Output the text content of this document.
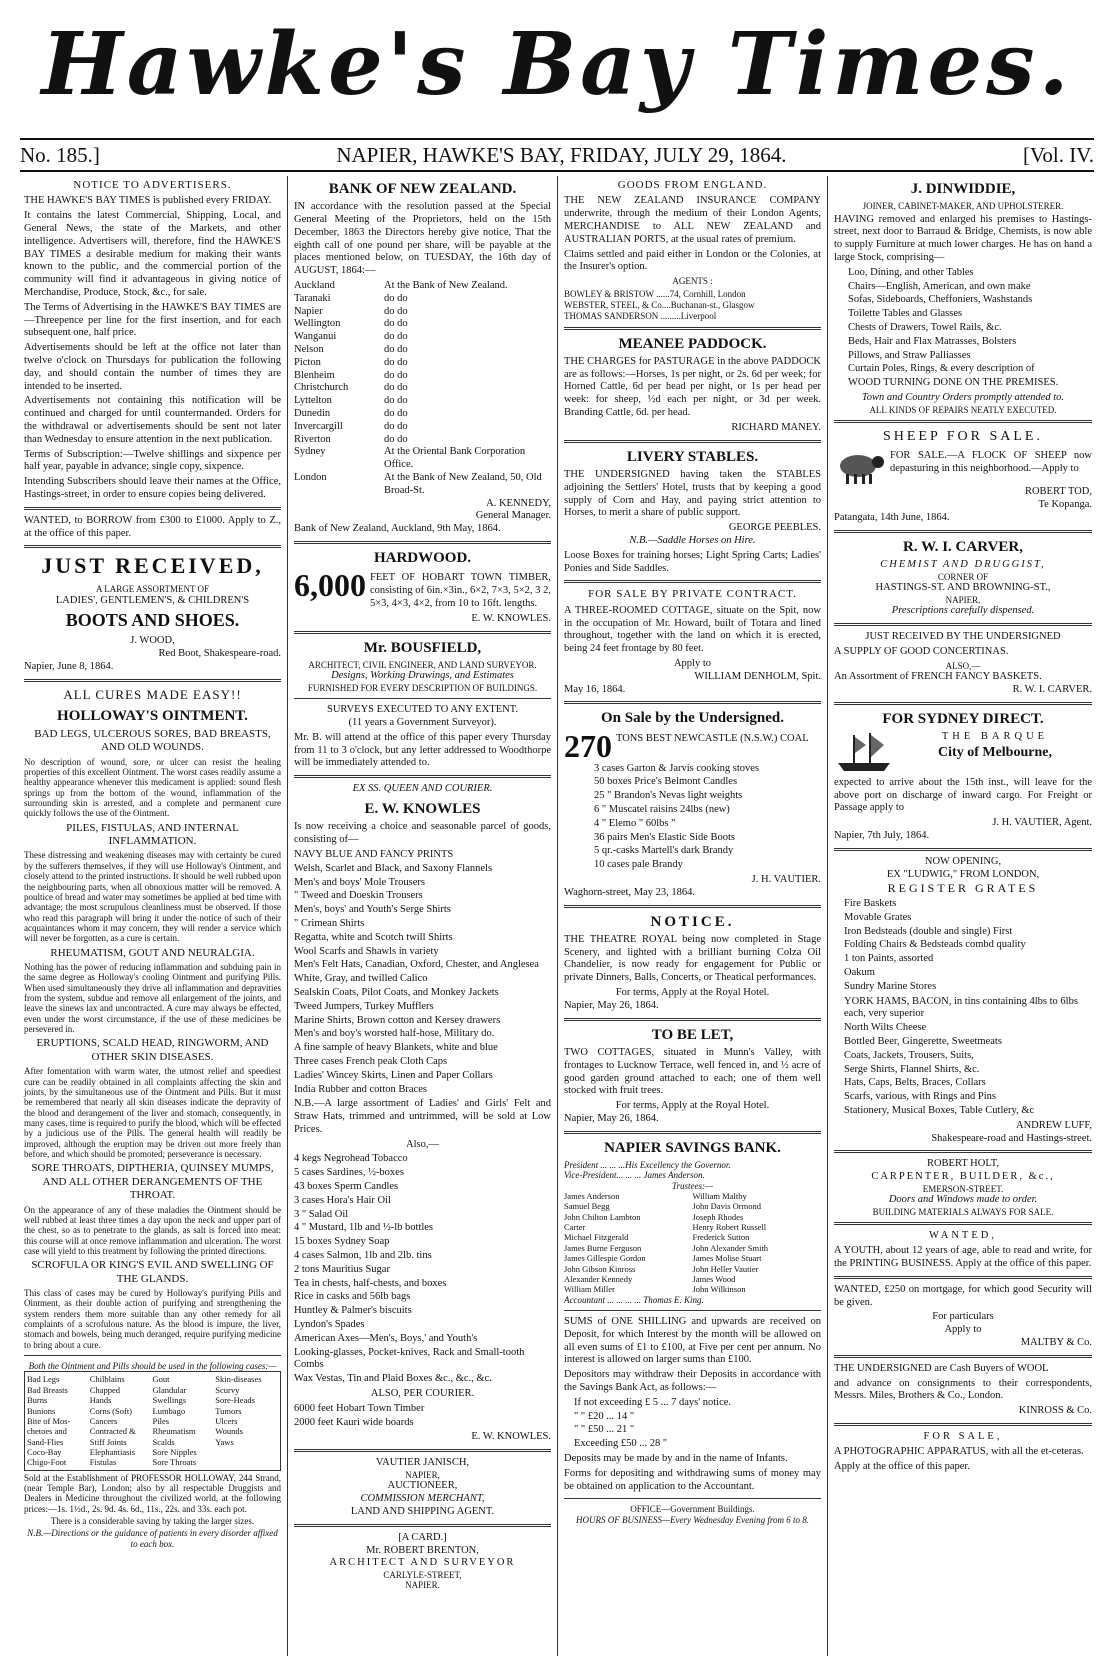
Hawke's Bay Times.
No. 185.]	NAPIER, HAWKE'S BAY, FRIDAY, JULY 29, 1864.	[Vol. IV.
NOTICE TO ADVERTISERS.

THE HAWKE'S BAY TIMES is published every FRIDAY.

It contains the latest Commercial, Shipping, Local, and General News, the state of the Markets, and other intelligence. Advertisers will, therefore, find the HAWKE'S BAY TIMES a desirable medium for making their wants known to the public, and the commercial portion of the community will find it advantageous in giving notice of Merchandise, Produce, Stock, &c., for sale.

The Terms of Advertising in the HAWKE'S BAY TIMES are—Threepence per line for the first insertion, and for each subsequent one, half price.

Advertisements should be left at the office not later than twelve o'clock on Thursdays for publication the following day, and should contain the number of times they are intended to be inserted.

Advertisements not containing this notification will be continued and charged for until countermanded. Orders for the withdrawal or advertisements should be sent not later than Wednesday to ensure attention in the next publication.

Terms of Subscription:—Twelve shillings and sixpence per half year, payable in advance; single copy, sixpence.

Intending Subscribers should leave their names at the Office, Hastings-street, in order to ensure copies being delivered.

WANTED, to BORROW from £300 to £1000. Apply to Z., at the office of this paper.

JUST RECEIVED,
A LARGE ASSORTMENT OF
LADIES', GENTLEMEN'S, & CHILDREN'S
BOOTS AND SHOES.
J. WOOD,
Red Boot, Shakespeare-road.
Napier, June 8, 1864.
ALL CURES MADE EASY!!
HOLLOWAY'S OINTMENT.
BAD LEGS, ULCEROUS SORES, BAD BREASTS, AND OLD WOUNDS.

No description of wound, sore, or ulcer can resist the healing properties of this excellent Ointment. The worst cases readily assume a healthy appearance whenever this medicament is applied: sound flesh springs up from the bottom of the wound, inflammation of the surrounding skin is arrested, and a complete and permanent cure quickly follows the use of the Ointment.

PILES, FISTULAS, AND INTERNAL INFLAMMATION.

These distressing and weakening diseases may with certainty be cured by the sufferers themselves, if they will use Holloway's Ointment, and closely attend to the printed instructions. It should be well rubbed upon the neighbouring parts, when all obnoxious matter will be removed. A poultice of bread and water may sometimes be applied at bed time with advantage; the most scrupulous cleanliness must be observed. If those who read this paragraph will bring it under the notice of such of their acquaintances whom it may concern, they will render a service which will never be forgotten, as a cure is certain.

RHEUMATISM, GOUT AND NEURALGIA.

Nothing has the power of reducing inflammation and subduing pain in the same degree as Holloway's cooling Ointment and purifying Pills. When used simultaneously they drive all inflammation and depravities from the system, subdue and remove all enlargement of the joints, and leave the sinews lax and uncontracted. A cure may always be effected, even under the worst circumstance, if the use of these medicines be persevered in.

ERUPTIONS, SCALD HEAD, RINGWORM, AND OTHER SKIN DISEASES.

After fomentation with warm water, the utmost relief and speediest cure can be readily obtained in all complaints affecting the skin and joints, by the simultaneous use of the Ointment and Pills. But it must be remembered that nearly all skin diseases indicate the depravity of the blood and derangement of the liver and stomach, consequently, in many cases, time is required to purify the blood, which will be effected by a judicious use of the Pills. The general health will readily be improved, although the eruption may be driven out more freely than before, and which should be promoted; perseverance is necessary.

SORE THROATS, DIPTHERIA, QUINSEY MUMPS, AND ALL OTHER DERANGEMENTS OF THE THROAT.

On the appearance of any of these maladies the Ointment should be well rubbed at least three times a day upon the neck and upper part of the chest, so as to penetrate to the glands, as salt is forced into meat: this course will at once remove inflammation and ulceration. The worst case will yield to this treatment by following the printed directions.

SCROFULA OR KING'S EVIL AND SWELLING OF THE GLANDS.

This class of cases may be cured by Holloway's purifying Pills and Ointment, as their double action of purifying and strengthening the system renders them more suitable than any other remedy for all complaints of a scrofulous nature. As the blood is impure, the liver, stomach and bowels, being much deranged, require purifying medicine to bring about a cure.

Both the Ointment and Pills should be used in the following cases:—
Bad Legs	Chilblains	Gout	Skin-diseases
Bad Breasts	Chapped	Glandular	Scurvy
Burns	Hands	Swellings	Sore-Heads
Bunions	Corns (Soft)	Lumbago	Tumors
Bite of Mos-	Cancers	Piles	Ulcers
chetoes and	Contracted &	Rheumatism	Wounds
Sand-Flies	Stiff Joints	Scalds	Yaws
Coco-Bay	Elephantiasis	Sore Nipples
Chigo-Foot	Fistulas	Sore Throats

Sold at the Establishment of PROFESSOR HOLLOWAY, 244 Strand, (near Temple Bar), London; also by all respectable Druggists and Dealers in Medicine throughout the civilized world, at the following prices:—1s. 1½d., 2s. 9d. 4s. 6d., 11s., 22s. and 33s. each pot.

There is a considerable saving by taking the larger sizes.

N.B.—Directions or the guidance of patients in every disorder affixed to each box.

BANK OF NEW ZEALAND.

IN accordance with the resolution passed at the Special General Meeting of the Proprietors, held on the 15th December, 1863 the Directors hereby give notice, That the eighth call of one pound per share, will be payable at the places mentioned below, on TUESDAY, the 16th day of AUGUST, 1864:—

Auckland	At the Bank of New Zealand.
Taranaki	do do
Napier	do do
Wellington	do do
Wanganui	do do
Nelson	do do
Picton	do do
Blenheim	do do
Christchurch	do do
Lyttelton	do do
Dunedin	do do
Invercargill	do do
Riverton	do do
Sydney	At the Oriental Bank Corporation Office.
London	At the Bank of New Zealand, 50, Old Broad-St.
A. KENNEDY,
General Manager.
Bank of New Zealand, Auckland, 9th May, 1864.
HARDWOOD.
6,000 FEET OF HOBART TOWN TIMBER, consisting of 6in.×3in., 6×2, 7×3, 5×2, 3 2, 5×3, 4×3, 4×2, from 10 to 16ft. lengths.

E. W. KNOWLES.
Mr. BOUSFIELD,
ARCHITECT, CIVIL ENGINEER, AND LAND SURVEYOR.
Designs, Working Drawings, and Estimates
FURNISHED FOR EVERY DESCRIPTION OF BUILDINGS.
SURVEYS EXECUTED TO ANY EXTENT.
(11 years a Government Surveyor).

Mr. B. will attend at the office of this paper every Thursday from 11 to 3 o'clock, but any letter addressed to Woodthorpe will be immediately attended to.

EX SS. QUEEN AND COURIER.
E. W. KNOWLES

Is now receiving a choice and seasonable parcel of goods, consisting of—

NAVY BLUE AND FANCY PRINTS
Welsh, Scarlet and Black, and Saxony Flannels
Men's and boys' Mole Trousers
" Tweed and Doeskin Trousers
Men's, boys' and Youth's Serge Shirts
" Crimean Shirts
Regatta, white and Scotch twill Shirts
Wool Scarfs and Shawls in variety
Men's Felt Hats, Canadian, Oxford, Chester, and Anglesea
White, Gray, and twilled Calico
Sealskin Coats, Pilot Coats, and Monkey Jackets
Tweed Jumpers, Turkey Mufflers
Marine Shirts, Brown cotton and Kersey drawers
Men's and boy's worsted half-hose, Military do.
A fine sample of heavy Blankets, white and blue
Three cases French peak Cloth Caps
Ladies' Wincey Skirts, Linen and Paper Collars
India Rubber and cotton Braces

N.B.—A large assortment of Ladies' and Girls' Felt and Straw Hats, trimmed and untrimmed, will be sold at Low Prices.

Also,—
4 kegs Negrohead Tobacco
5 cases Sardines, ½-boxes
43 boxes Sperm Candles
3 cases Hora's Hair Oil
3 " Salad Oil
4 " Mustard, 1lb and ½-lb bottles
15 boxes Sydney Soap
4 cases Salmon, 1lb and 2lb. tins
2 tons Mauritius Sugar
Tea in chests, half-chests, and boxes
Rice in casks and 56lb bags
Huntley & Palmer's biscuits
Lyndon's Spades
American Axes—Men's, Boys,' and Youth's
Looking-glasses, Pocket-knives, Rack and Small-tooth Combs
Wax Vestas, Tin and Plaid Boxes &c., &c., &c.
ALSO, PER COURIER.
6000 feet Hobart Town Timber
2000 feet Kauri wide boards
E. W. KNOWLES.
VAUTIER JANISCH,
NAPIER,
AUCTIONEER,
COMMISSION MERCHANT,
LAND AND SHIPPING AGENT.
[A CARD.]
Mr. ROBERT BRENTON,
ARCHITECT AND SURVEYOR
CARLYLE-STREET,
NAPIER.
GOODS FROM ENGLAND.

THE NEW ZEALAND INSURANCE COMPANY underwrite, through the medium of their London Agents, MERCHANDISE to ALL NEW ZEALAND and AUSTRALIAN PORTS, at the usual rates of premium.

Claims settled and paid either in London or the Colonies, at the Insurer's option.

AGENTS :
BOWLEY & BRISTOW ......74, Cornhill, London
WEBSTER, STEEL, & Co....Buchanan-st., Glasgow
THOMAS SANDERSON .........Liverpool
MEANEE PADDOCK.

THE CHARGES for PASTURAGE in the above PADDOCK are as follows:—Horses, 1s per night, or 2s. 6d per week; for Horned Cattle, 6d per head per night, or 1s per head per week: for sheep, ½d each per night, or 3d per week. Branding Cattle, 6d. per head.

RICHARD MANEY.
LIVERY STABLES.

THE UNDERSIGNED having taken the STABLES adjoining the Settlers' Hotel, trusts that by keeping a good supply of Corn and Hay, and paying strict attention to Horses, to merit a share of public support.

GEORGE PEEBLES.
N.B.—Saddle Horses on Hire.

Loose Boxes for training horses; Light Spring Carts; Ladies' Ponies and Side Saddles.

FOR SALE BY PRIVATE CONTRACT.

A THREE-ROOMED COTTAGE, situate on the Spit, now in the occupation of Mr. Howard, built of Totara and lined throughout, together with the land on which it is erected, being 24 feet frontage by 80 feet.

Apply to
WILLIAM DENHOLM, Spit.
May 16, 1864.
On Sale by the Undersigned.
270 TONS BEST NEWCASTLE (N.S.W.) COAL

3 cases Garton & Jarvis cooking stoves
50 boxes Price's Belmont Candles
25 " Brandon's Nevas light weights
6 " Muscatel raisins 24lbs (new)
4 " Elemo " 60lbs "
36 pairs Men's Elastic Side Boots
5 qr.-casks Martell's dark Brandy
10 cases pale Brandy
J. H. VAUTIER.
Waghorn-street, May 23, 1864.
NOTICE.

THE THEATRE ROYAL being now completed in Stage Scenery, and lighted with a brilliant burning Colza Oil Chandelier, is now ready for engagement for Public or private Dinners, Balls, Concerts, or Theatical performances.

For terms, Apply at the Royal Hotel.
Napier, May 26, 1864.
TO BE LET,

TWO COTTAGES, situated in Munn's Valley, with frontages to Lucknow Terrace, well fenced in, and ½ acre of good garden ground attached to each; one of them well stocked with fruit trees.

For terms, Apply at the Royal Hotel.
Napier, May 26, 1864.
NAPIER SAVINGS BANK.
President ... ... ...His Excellency the Governor.
Vice-President... ... ... James Anderson.
Trustees:—
James Anderson	William Maltby
Samuel Begg	John Davis Ormond
John Chilton Lambton	Joseph Rhodes
Carter	Henry Robert Russell
Michael Fitzgerald	Frederick Sutton
James Burne Ferguson	John Alexander Smith
James Gillespie Gordon	James Molise Stuart
John Gibson Kinross	John Heller Vautier
Alexander Kennedy	James Wood
William Miller	John Wilkinson
Accountant ... ... ... ... Thomas E. King.

SUMS of ONE SHILLING and upwards are received on Deposit, for which Interest by the month will be allowed on all even sums of £1 to £100, at Five per cent per annum. No interest is allowed on larger sums than £100.

Depositors may withdraw their Deposits in accordance with the Savings Bank Act, as follows:—

If not exceeding £ 5 ... 7 days' notice.
" " £20 ... 14 "
" " £50 ... 21 "
Exceeding £50 ... 28 "

Deposits may be made by and in the name of Infants.

Forms for depositing and withdrawing sums of money may be obtained on application to the Accountant.

OFFICE—Government Buildings.
HOURS OF BUSINESS—Every Wednesday Evening from 6 to 8.
J. DINWIDDIE,
JOINER, CABINET-MAKER, AND UPHOLSTERER.

HAVING removed and enlarged his premises to Hastings-street, next door to Barraud & Bridge, Chemists, is now able to supply Furniture at much lower charges. He has on hand a large Stock, comprising—

Loo, Dining, and other Tables
Chairs—English, American, and own make
Sofas, Sideboards, Cheffoniers, Washstands
Toilette Tables and Glasses
Chests of Drawers, Towel Rails, &c.
Beds, Hair and Flax Matrasses, Bolsters
Pillows, and Straw Palliasses
Curtain Poles, Rings, & every description of
WOOD TURNING DONE ON THE PREMISES.
Town and Country Orders promptly attended to.
ALL KINDS OF REPAIRS NEATLY EXECUTED.
SHEEP FOR SALE.

FOR SALE.—A FLOCK OF SHEEP now depasturing in this neighborhood.—Apply to

ROBERT TOD,
Te Kopanga.
Patangata, 14th June, 1864.
R. W. I. CARVER,
CHEMIST AND DRUGGIST,
CORNER OF
HASTINGS-ST. AND BROWNING-ST.,
NAPIER.
Prescriptions carefully dispensed.
JUST RECEIVED BY THE UNDERSIGNED

A SUPPLY OF GOOD CONCERTINAS.

ALSO,—
An Assortment of FRENCH FANCY BASKETS.
R. W. I. CARVER.
FOR SYDNEY DIRECT.
THE BARQUE
City of Melbourne,

expected to arrive about the 15th inst., will leave for the above port on discharge of inward cargo. For Freight or Passage apply to

J. H. VAUTIER, Agent.
Napier, 7th July, 1864.
NOW OPENING,
EX "LUDWIG," FROM LONDON,
REGISTER GRATES
Fire Baskets
Movable Grates
Iron Bedsteads (double and single) First
Folding Chairs & Bedsteads combd quality
1 ton Paints, assorted
Oakum
Sundry Marine Stores
YORK HAMS, BACON, in tins containing 4lbs to 6lbs each, very superior
North Wilts Cheese
Bottled Beer, Gingerette, Sweetmeats
Coats, Jackets, Trousers, Suits,
Serge Shirts, Flannel Shirts, &c.
Hats, Caps, Belts, Braces, Collars
Scarfs, various, with Rings and Pins
Stationery, Musical Boxes, Table Cutlery, &c
ANDREW LUFF,
Shakespeare-road and Hastings-street.
ROBERT HOLT,
CARPENTER, BUILDER, &c.,
EMERSON-STREET.
Doors and Windows made to order.
BUILDING MATERIALS ALWAYS FOR SALE.
WANTED,

A YOUTH, about 12 years of age, able to read and write, for the PRINTING BUSINESS. Apply at the office of this paper.

WANTED, £250 on mortgage, for which good Security will be given.

For particulars
Apply to
MALTBY & Co.

THE UNDERSIGNED are Cash Buyers of WOOL

and advance on consignments to their correspondents, Messrs. Miles, Brothers & Co., London.

KINROSS & Co.
FOR SALE,

A PHOTOGRAPHIC APPARATUS, with all the et-ceteras.

Apply at the office of this paper.
